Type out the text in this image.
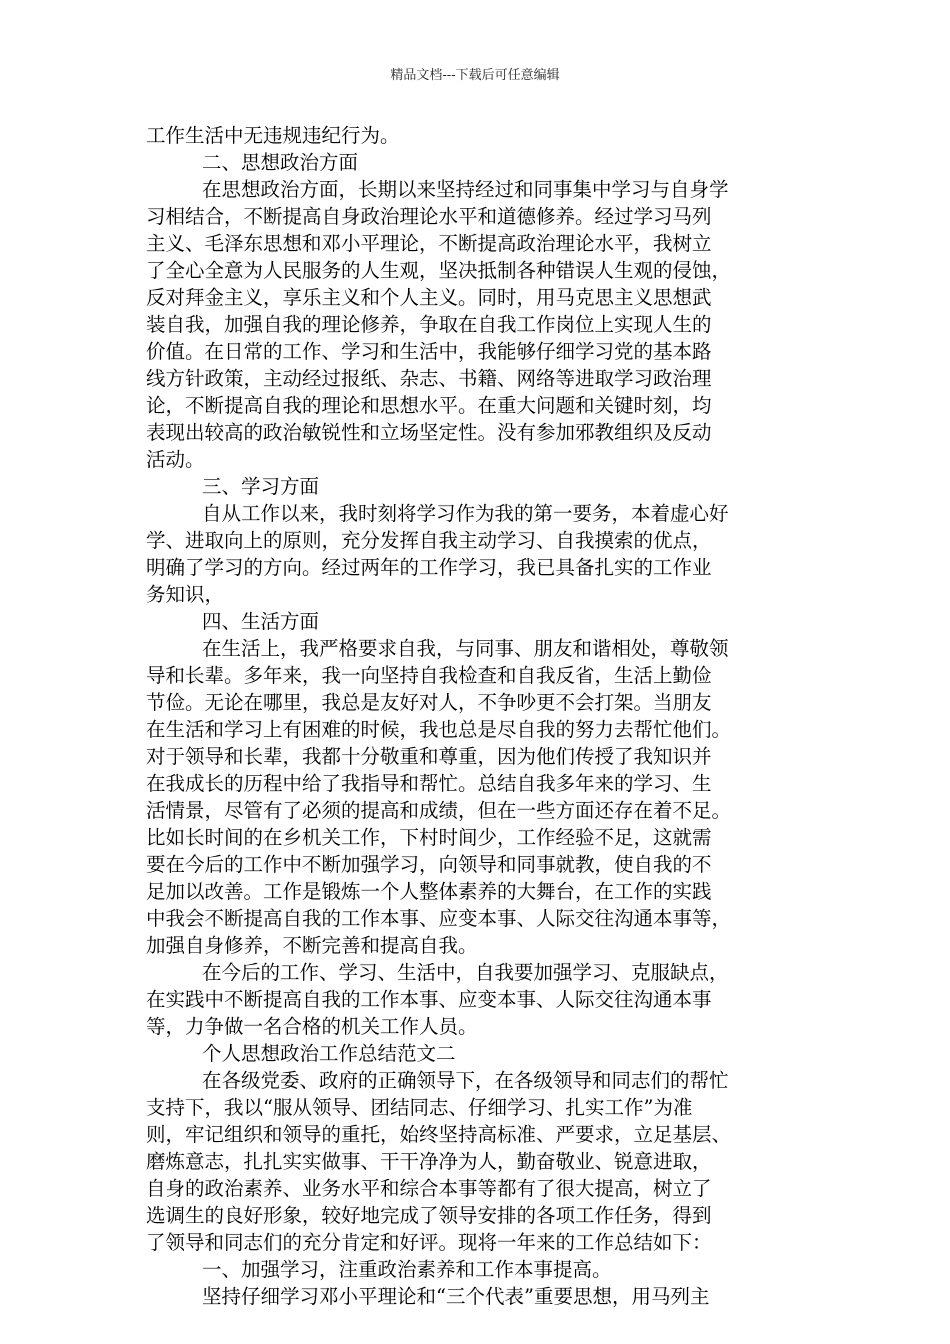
精品文档---下载后可任意编辑
工作生活中无违规违纪行为。
二、思想政治方面
在思想政治方面，长期以来坚持经过和同事集中学习与自身学
习相结合，不断提高自身政治理论水平和道德修养。经过学习马列
主义、毛泽东思想和邓小平理论，不断提高政治理论水平，我树立
了全心全意为人民服务的人生观，坚决抵制各种错误人生观的侵蚀，
反对拜金主义，享乐主义和个人主义。同时，用马克思主义思想武
装自我，加强自我的理论修养，争取在自我工作岗位上实现人生的
价值。在日常的工作、学习和生活中，我能够仔细学习党的基本路
线方针政策，主动经过报纸、杂志、书籍、网络等进取学习政治理
论，不断提高自我的理论和思想水平。在重大问题和关键时刻，均
表现出较高的政治敏锐性和立场坚定性。没有参加邪教组织及反动
活动。
三、学习方面
自从工作以来，我时刻将学习作为我的第一要务，本着虚心好
学、进取向上的原则，充分发挥自我主动学习、自我摸索的优点，
明确了学习的方向。经过两年的工作学习，我已具备扎实的工作业
务知识，
四、生活方面
在生活上，我严格要求自我，与同事、朋友和谐相处，尊敬领
导和长辈。多年来，我一向坚持自我检查和自我反省，生活上勤俭
节俭。无论在哪里，我总是友好对人，不争吵更不会打架。当朋友
在生活和学习上有困难的时候，我也总是尽自我的努力去帮忙他们。
对于领导和长辈，我都十分敬重和尊重，因为他们传授了我知识并
在我成长的历程中给了我指导和帮忙。总结自我多年来的学习、生
活情景，尽管有了必须的提高和成绩，但在一些方面还存在着不足。
比如长时间的在乡机关工作，下村时间少，工作经验不足，这就需
要在今后的工作中不断加强学习，向领导和同事就教，使自我的不
足加以改善。工作是锻炼一个人整体素养的大舞台，在工作的实践
中我会不断提高自我的工作本事、应变本事、人际交往沟通本事等，
加强自身修养，不断完善和提高自我。
在今后的工作、学习、生活中，自我要加强学习、克服缺点，
在实践中不断提高自我的工作本事、应变本事、人际交往沟通本事
等，力争做一名合格的机关工作人员。
个人思想政治工作总结范文二
在各级党委、政府的正确领导下，在各级领导和同志们的帮忙
支持下，我以“服从领导、团结同志、仔细学习、扎实工作”为准
则，牢记组织和领导的重托，始终坚持高标准、严要求，立足基层、
磨炼意志，扎扎实实做事、干干净净为人，勤奋敬业、锐意进取，
自身的政治素养、业务水平和综合本事等都有了很大提高，树立了
选调生的良好形象，较好地完成了领导安排的各项工作任务，得到
了领导和同志们的充分肯定和好评。现将一年来的工作总结如下：
一、加强学习，注重政治素养和工作本事提高。
坚持仔细学习邓小平理论和“三个代表”重要思想，用马列主
